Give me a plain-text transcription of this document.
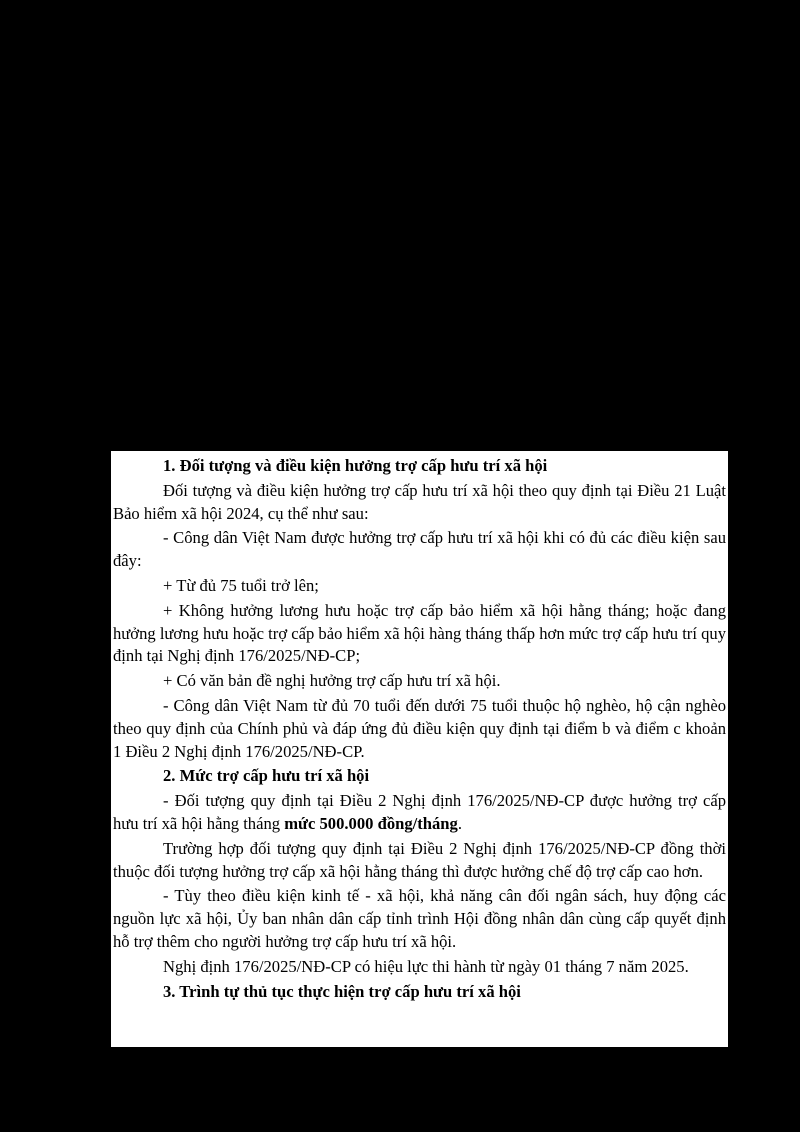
1. Đối tượng và điều kiện hưởng trợ cấp hưu trí xã hội
Đối tượng và điều kiện hưởng trợ cấp hưu trí xã hội theo quy định tại Điều 21 Luật Bảo hiểm xã hội 2024, cụ thể như sau:
- Công dân Việt Nam được hưởng trợ cấp hưu trí xã hội khi có đủ các điều kiện sau đây:
+ Từ đủ 75 tuổi trở lên;
+ Không hưởng lương hưu hoặc trợ cấp bảo hiểm xã hội hằng tháng; hoặc đang hưởng lương hưu hoặc trợ cấp bảo hiểm xã hội hàng tháng thấp hơn mức trợ cấp hưu trí quy định tại Nghị định 176/2025/NĐ-CP;
+ Có văn bản đề nghị hưởng trợ cấp hưu trí xã hội.
- Công dân Việt Nam từ đủ 70 tuổi đến dưới 75 tuổi thuộc hộ nghèo, hộ cận nghèo theo quy định của Chính phủ và đáp ứng đủ điều kiện quy định tại điểm b và điểm c khoản 1 Điều 2 Nghị định 176/2025/NĐ-CP.
2. Mức trợ cấp hưu trí xã hội
- Đối tượng quy định tại Điều 2 Nghị định 176/2025/NĐ-CP được hưởng trợ cấp hưu trí xã hội hằng tháng mức 500.000 đồng/tháng.
Trường hợp đối tượng quy định tại Điều 2 Nghị định 176/2025/NĐ-CP đồng thời thuộc đối tượng hưởng trợ cấp xã hội hằng tháng thì được hưởng chế độ trợ cấp cao hơn.
- Tùy theo điều kiện kinh tế - xã hội, khả năng cân đối ngân sách, huy động các nguồn lực xã hội, Ủy ban nhân dân cấp tỉnh trình Hội đồng nhân dân cùng cấp quyết định hỗ trợ thêm cho người hưởng trợ cấp hưu trí xã hội.
Nghị định 176/2025/NĐ-CP có hiệu lực thi hành từ ngày 01 tháng 7 năm 2025.
3. Trình tự thủ tục thực hiện trợ cấp hưu trí xã hội
